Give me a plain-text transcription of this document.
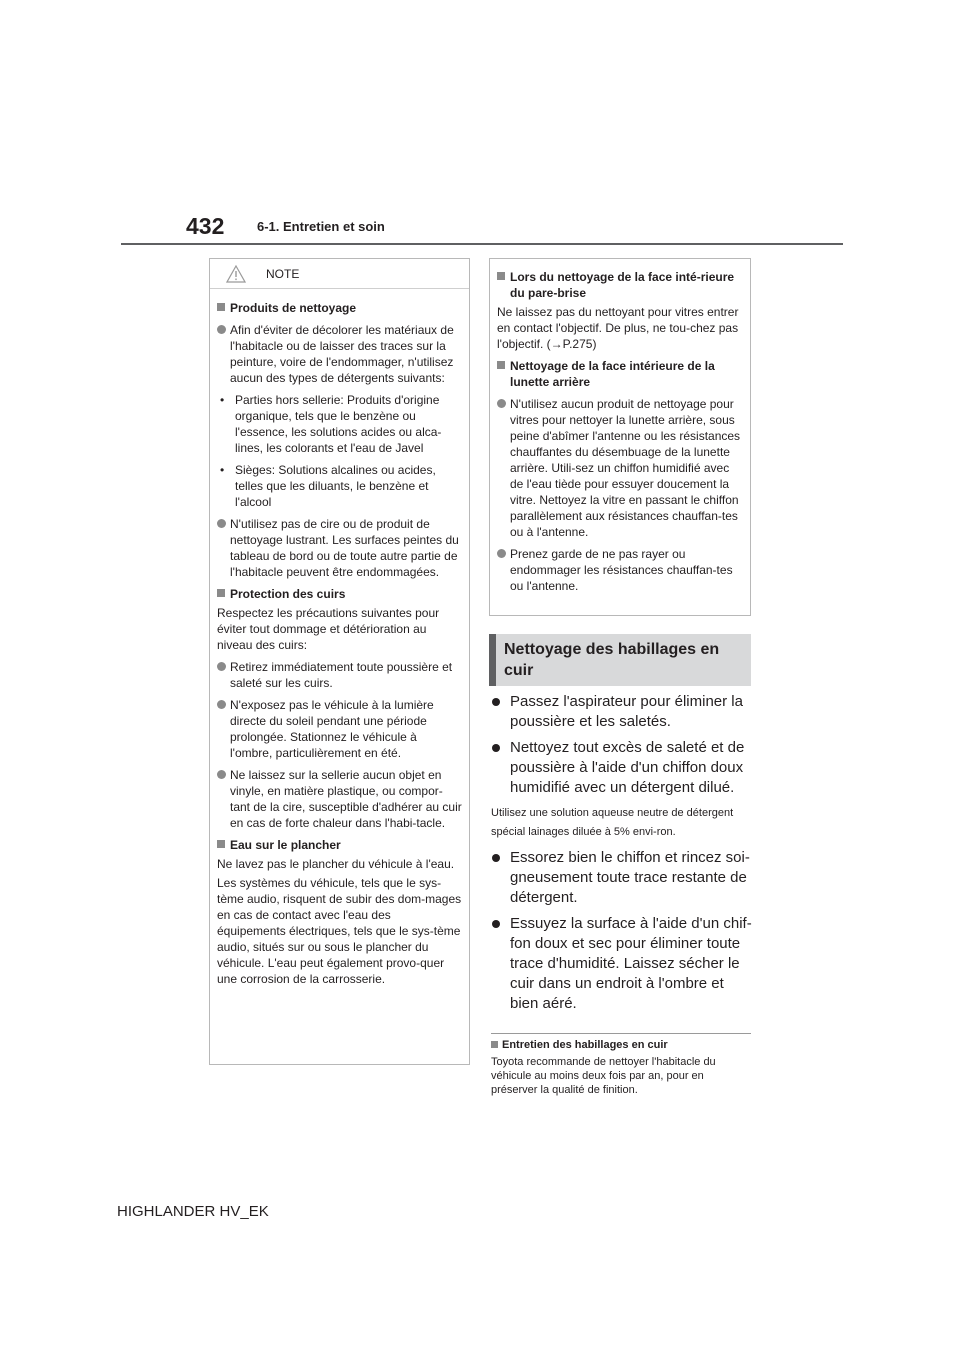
432	6-1. Entretien et soin
NOTE
Produits de nettoyage
Afin d'éviter de décolorer les matériaux de l'habitacle ou de laisser des traces sur la peinture, voire de l'endommager, n'utilisez aucun des types de détergents suivants:
• Parties hors sellerie: Produits d'origine organique, tels que le benzène ou l'essence, les solutions acides ou alca-lines, les colorants et l'eau de Javel
• Sièges: Solutions alcalines ou acides, telles que les diluants, le benzène et l'alcool
N'utilisez pas de cire ou de produit de nettoyage lustrant. Les surfaces peintes du tableau de bord ou de toute autre partie de l'habitacle peuvent être endommagées.
Protection des cuirs
Respectez les précautions suivantes pour éviter tout dommage et détérioration au niveau des cuirs:
Retirez immédiatement toute poussière et saleté sur les cuirs.
N'exposez pas le véhicule à la lumière directe du soleil pendant une période prolongée. Stationnez le véhicule à l'ombre, particulièrement en été.
Ne laissez sur la sellerie aucun objet en vinyle, en matière plastique, ou compor-tant de la cire, susceptible d'adhérer au cuir en cas de forte chaleur dans l'habi-tacle.
Eau sur le plancher
Ne lavez pas le plancher du véhicule à l'eau.
Les systèmes du véhicule, tels que le sys-tème audio, risquent de subir des dom-mages en cas de contact avec l'eau des équipements électriques, tels que le sys-tème audio, situés sur ou sous le plancher du véhicule. L'eau peut également provo-quer une corrosion de la carrosserie.
Lors du nettoyage de la face inté-rieure du pare-brise
Ne laissez pas du nettoyant pour vitres entrer en contact l'objectif. De plus, ne tou-chez pas l'objectif. (→P.275)
Nettoyage de la face intérieure de la lunette arrière
N'utilisez aucun produit de nettoyage pour vitres pour nettoyer la lunette arrière, sous peine d'abîmer l'antenne ou les résistances chauffantes du désembuage de la lunette arrière. Utili-sez un chiffon humidifié avec de l'eau tiède pour essuyer doucement la vitre. Nettoyez la vitre en passant le chiffon parallèlement aux résistances chauffan-tes ou à l'antenne.
Prenez garde de ne pas rayer ou endommager les résistances chauffan-tes ou l'antenne.
Nettoyage des habillages en cuir
Passez l'aspirateur pour éliminer la poussière et les saletés.
Nettoyez tout excès de saleté et de poussière à l'aide d'un chiffon doux humidifié avec un détergent dilué.
Utilisez une solution aqueuse neutre de détergent spécial lainages diluée à 5% envi-ron.
Essorez bien le chiffon et rincez soi-gneusement toute trace restante de détergent.
Essuyez la surface à l'aide d'un chif-fon doux et sec pour éliminer toute trace d'humidité. Laissez sécher le cuir dans un endroit à l'ombre et bien aéré.
Entretien des habillages en cuir
Toyota recommande de nettoyer l'habitacle du véhicule au moins deux fois par an, pour en préserver la qualité de finition.
HIGHLANDER HV_EK
